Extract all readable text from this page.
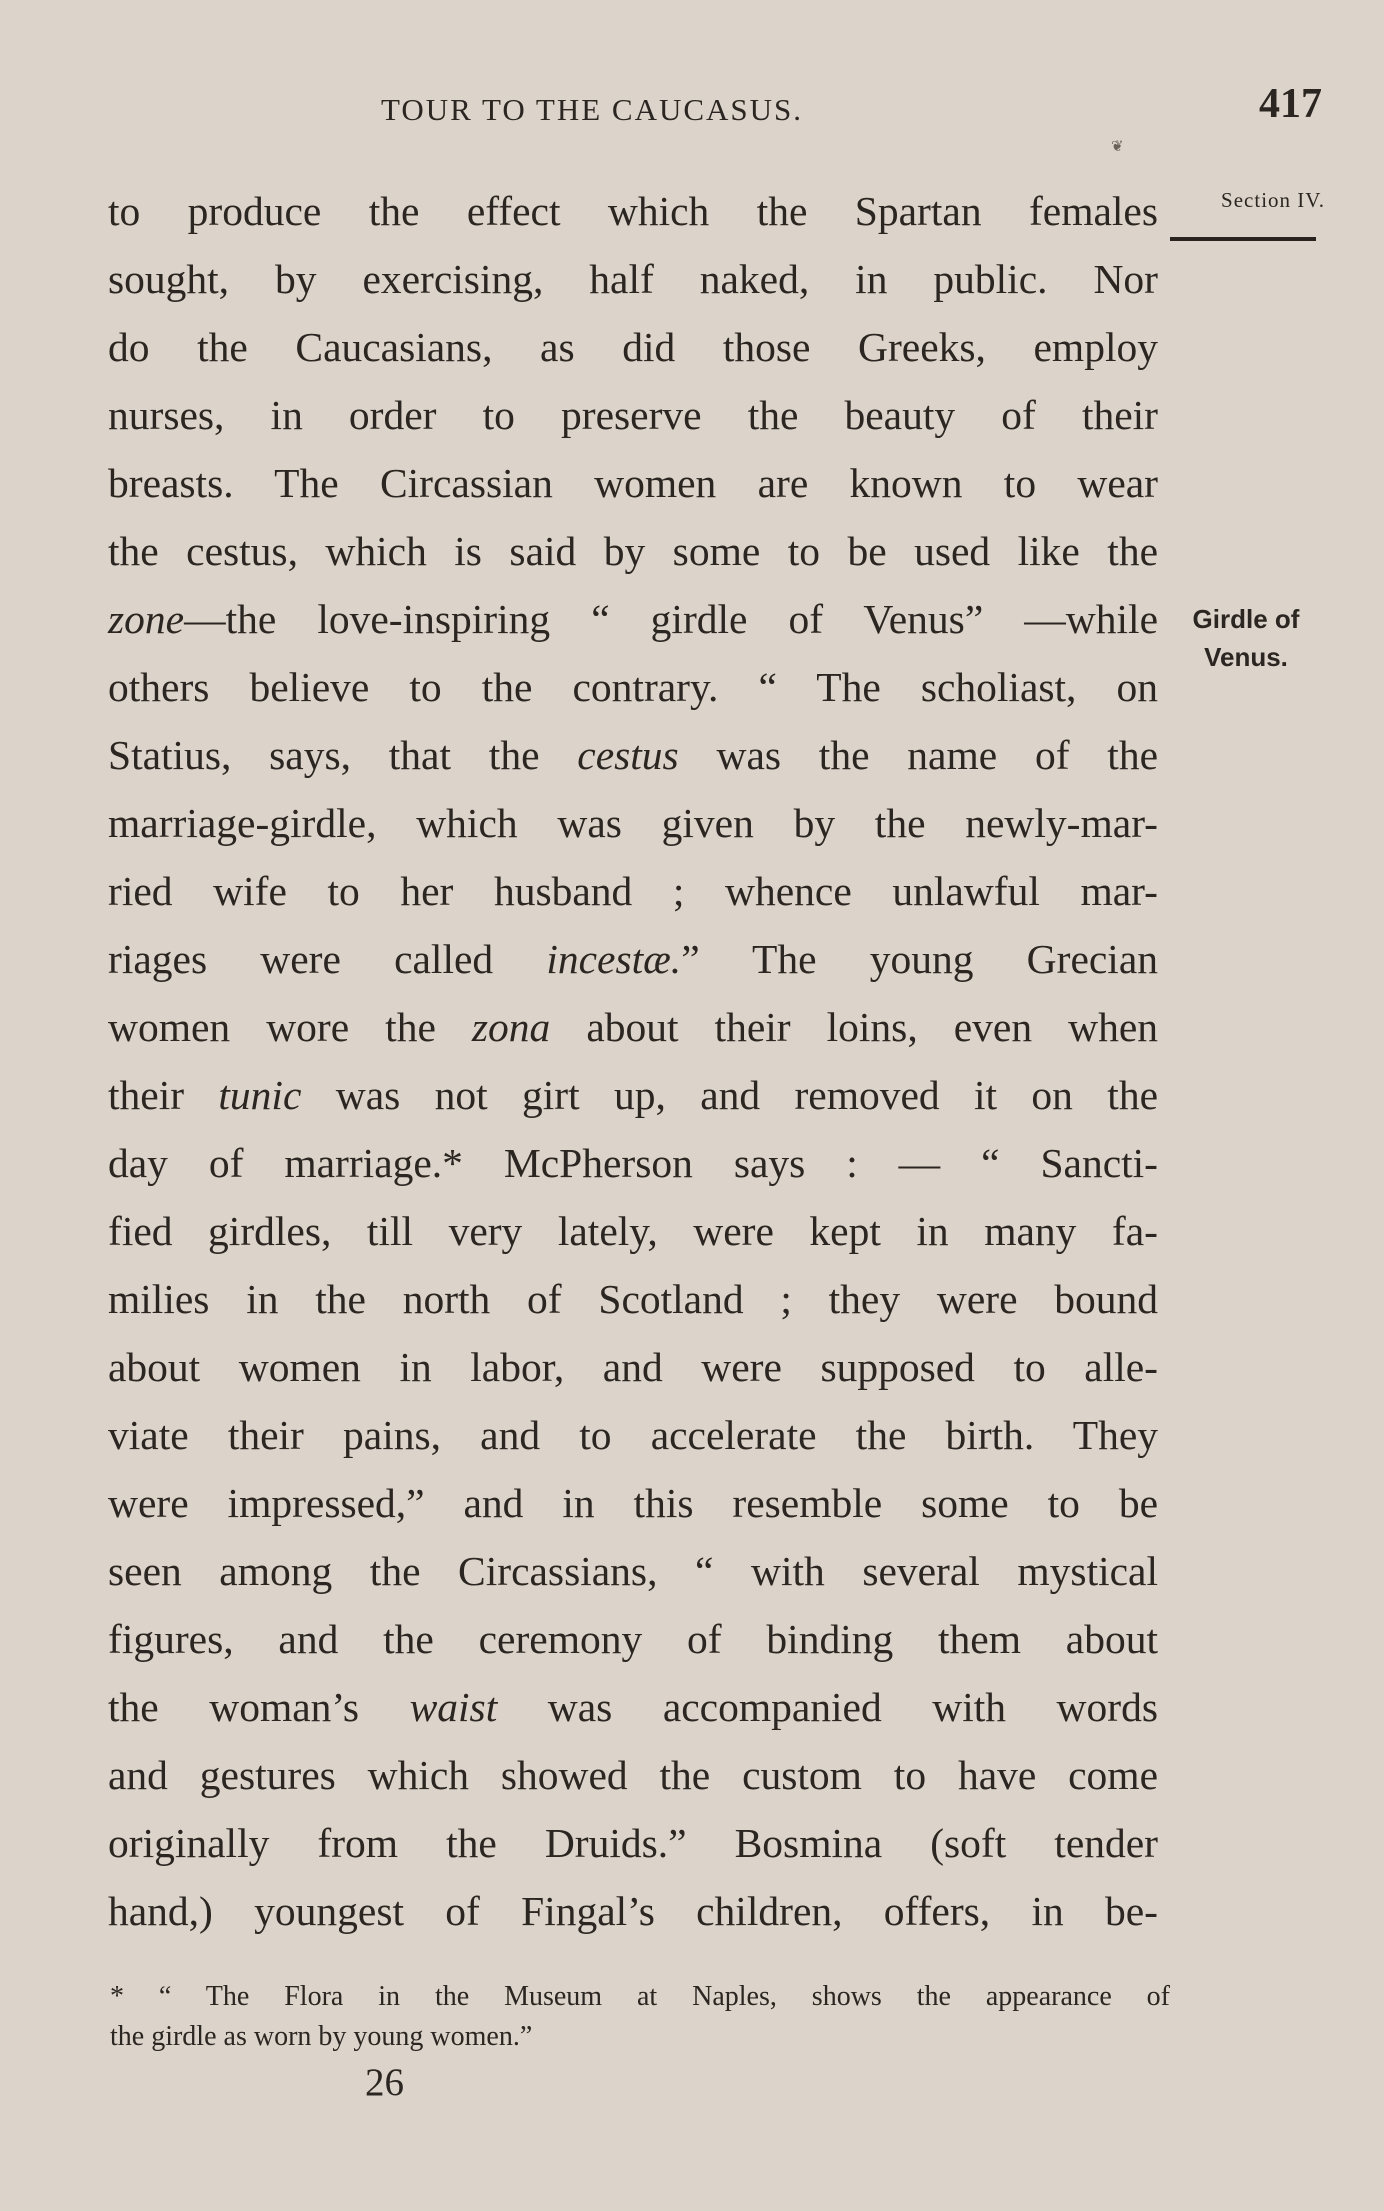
TOUR TO THE CAUCASUS.	417
❦
Section IV.
Girdle of
Venus.
to produce the effect which the Spartan females
sought, by exercising, half naked, in public. Nor
do the Caucasians, as did those Greeks, employ
nurses, in order to preserve the beauty of their
breasts. The Circassian women are known to wear
the cestus, which is said by some to be used like the
zone—the love-inspiring “ girdle of Venus” —while
others believe to the contrary. “ The scholiast, on
Statius, says, that the cestus was the name of the
marriage-girdle, which was given by the newly-mar-
ried wife to her husband ; whence unlawful mar-
riages were called incestæ.” The young Grecian
women wore the zona about their loins, even when
their tunic was not girt up, and removed it on the
day of marriage.* McPherson says : — “ Sancti-
fied girdles, till very lately, were kept in many fa-
milies in the north of Scotland ; they were bound
about women in labor, and were supposed to alle-
viate their pains, and to accelerate the birth. They
were impressed,” and in this resemble some to be
seen among the Circassians, “ with several mystical
figures, and the ceremony of binding them about
the woman’s waist was accompanied with words
and gestures which showed the custom to have come
originally from the Druids.” Bosmina (soft tender
hand,) youngest of Fingal’s children, offers, in be-
* “ The Flora in the Museum at Naples, shows the appearance of
the girdle as worn by young women.”
26
